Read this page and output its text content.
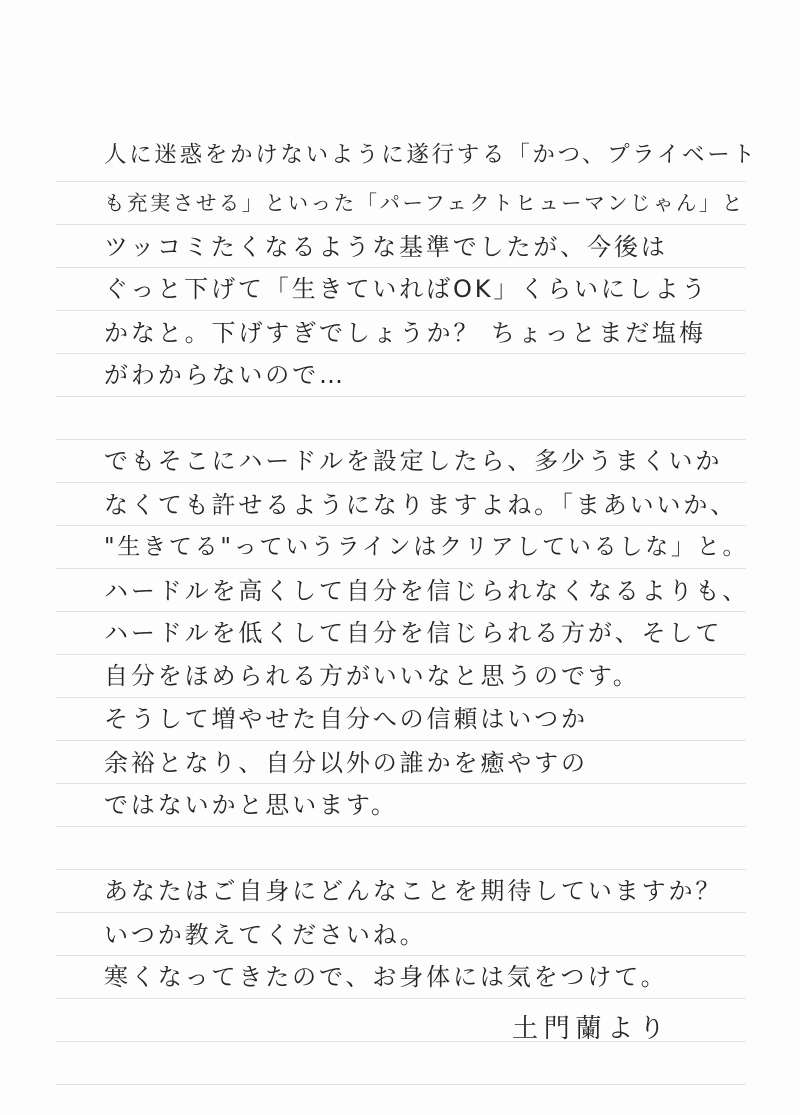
人に迷惑をかけないように遂行する「かつ、プライベート

も充実させる」といった「パーフェクトヒューマンじゃん」と

ツッコミたくなるような基準でしたが、今後は

ぐっと下げて「生きていればOK」くらいにしよう

かなと。下げすぎでしょうか？ ちょっとまだ塩梅

がわからないので…

でもそこにハードルを設定したら、多少うまくいか

なくても許せるようになりますよね。「まあいいか、

"生きてる"っていうラインはクリアしているしな」と。

ハードルを高くして自分を信じられなくなるよりも、

ハードルを低くして自分を信じられる方が、そして

自分をほめられる方がいいなと思うのです。

そうして増やせた自分への信頼はいつか

余裕となり、自分以外の誰かを癒やすの

ではないかと思います。

あなたはご自身にどんなことを期待していますか？

いつか教えてくださいね。

寒くなってきたので、お身体には気をつけて。

土門蘭より
